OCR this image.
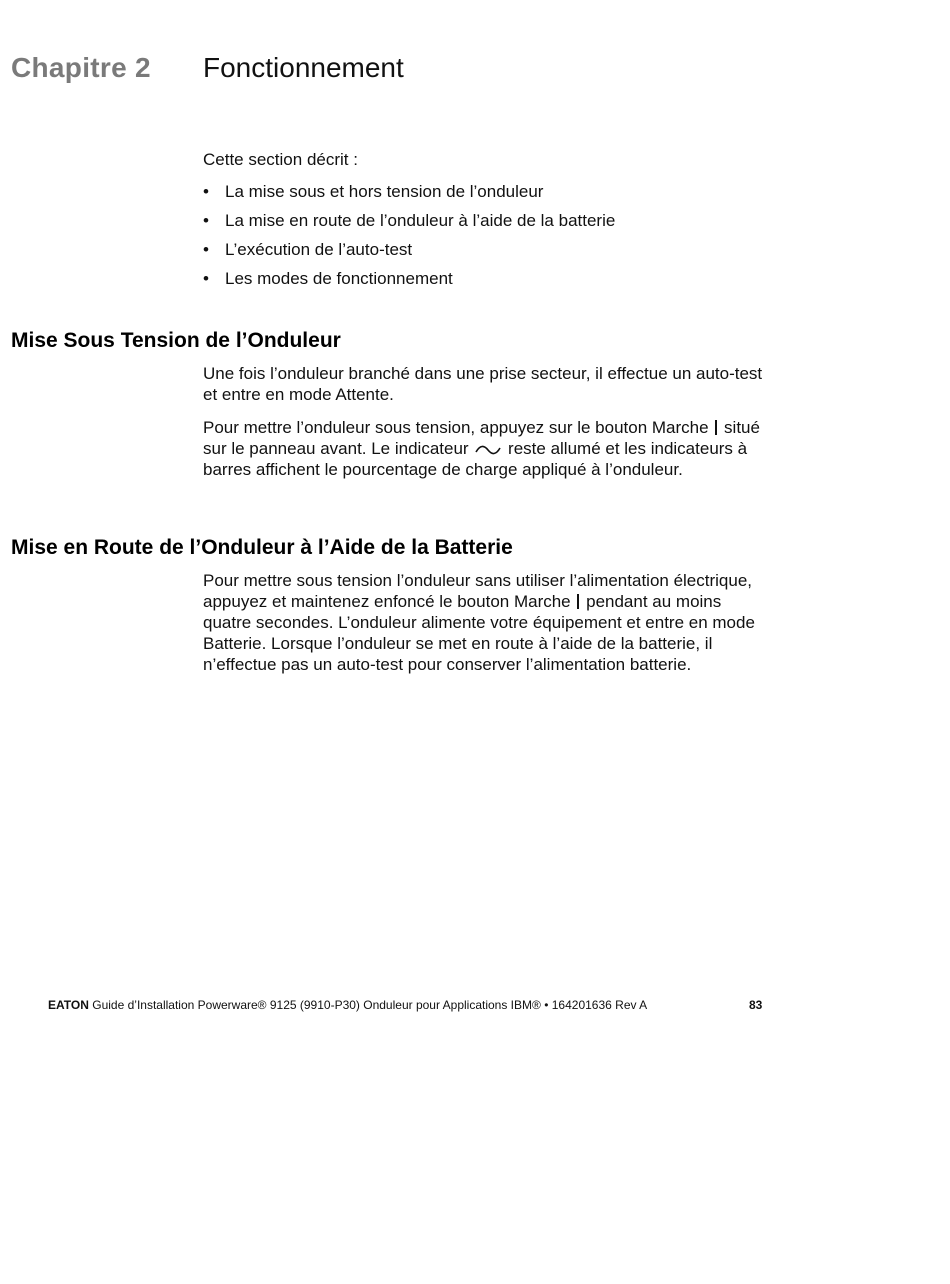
Chapitre 2 Fonctionnement

Cette section décrit :

• La mise sous et hors tension de l’onduleur
• La mise en route de l’onduleur à l’aide de la batterie
• L’exécution de l’auto-test
• Les modes de fonctionnement
Mise Sous Tension de l’Onduleur

Une fois l’onduleur branché dans une prise secteur, il effectue un auto-test et entre en mode Attente.

Pour mettre l’onduleur sous tension, appuyez sur le bouton Marche situé sur le panneau avant. Le indicateur reste allumé et les indicateurs à barres affichent le pourcentage de charge appliqué à l’onduleur.

Mise en Route de l’Onduleur à l’Aide de la Batterie

Pour mettre sous tension l’onduleur sans utiliser l’alimentation électrique, appuyez et maintenez enfoncé le bouton Marche pendant au moins quatre secondes. L’onduleur alimente votre équipement et entre en mode Batterie. Lorsque l’onduleur se met en route à l’aide de la batterie, il n’effectue pas un auto-test pour conserver l’alimentation batterie.

EATON Guide d’Installation Powerware® 9125 (9910-P30) Onduleur pour Applications IBM® • 164201636 Rev A	83
